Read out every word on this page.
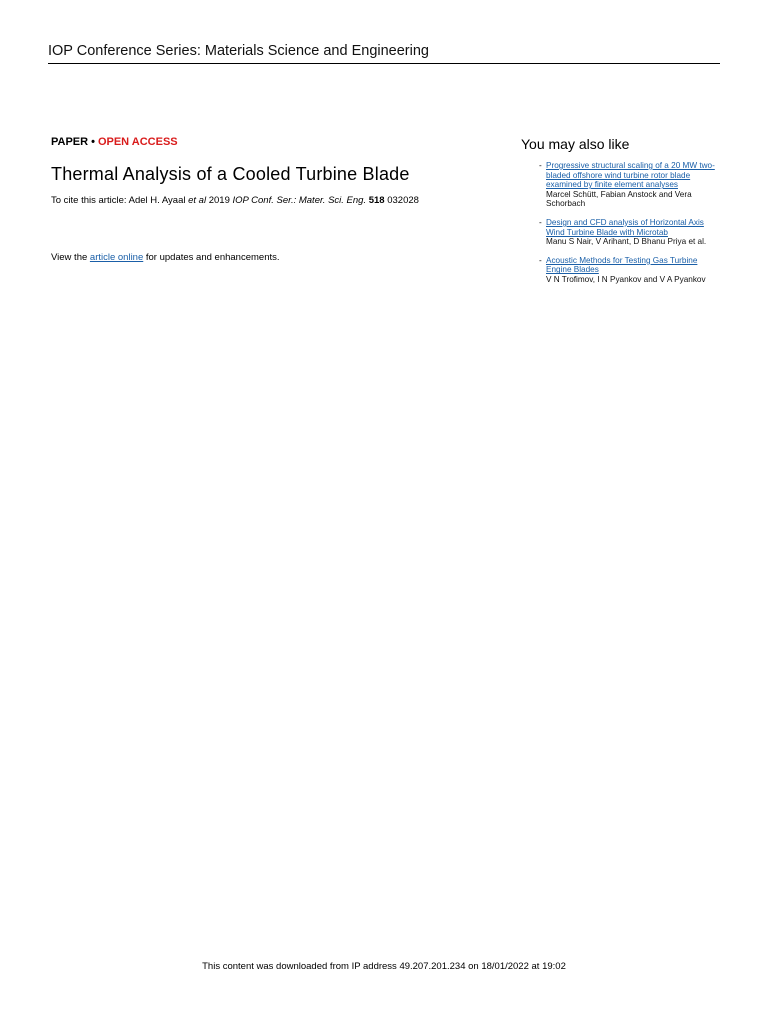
IOP Conference Series: Materials Science and Engineering
PAPER • OPEN ACCESS
Thermal Analysis of a Cooled Turbine Blade
To cite this article: Adel H. Ayaal et al 2019 IOP Conf. Ser.: Mater. Sci. Eng. 518 032028
View the article online for updates and enhancements.
You may also like
- Progressive structural scaling of a 20 MW two-bladed offshore wind turbine rotor blade examined by finite element analyses
Marcel Schütt, Fabian Anstock and Vera Schorbach
- Design and CFD analysis of Horizontal Axis Wind Turbine Blade with Microtab
Manu S Nair, V Arihant, D Bhanu Priya et al.
- Acoustic Methods for Testing Gas Turbine Engine Blades
V N Trofimov, I N Pyankov and V A Pyankov
This content was downloaded from IP address 49.207.201.234 on 18/01/2022 at 19:02
